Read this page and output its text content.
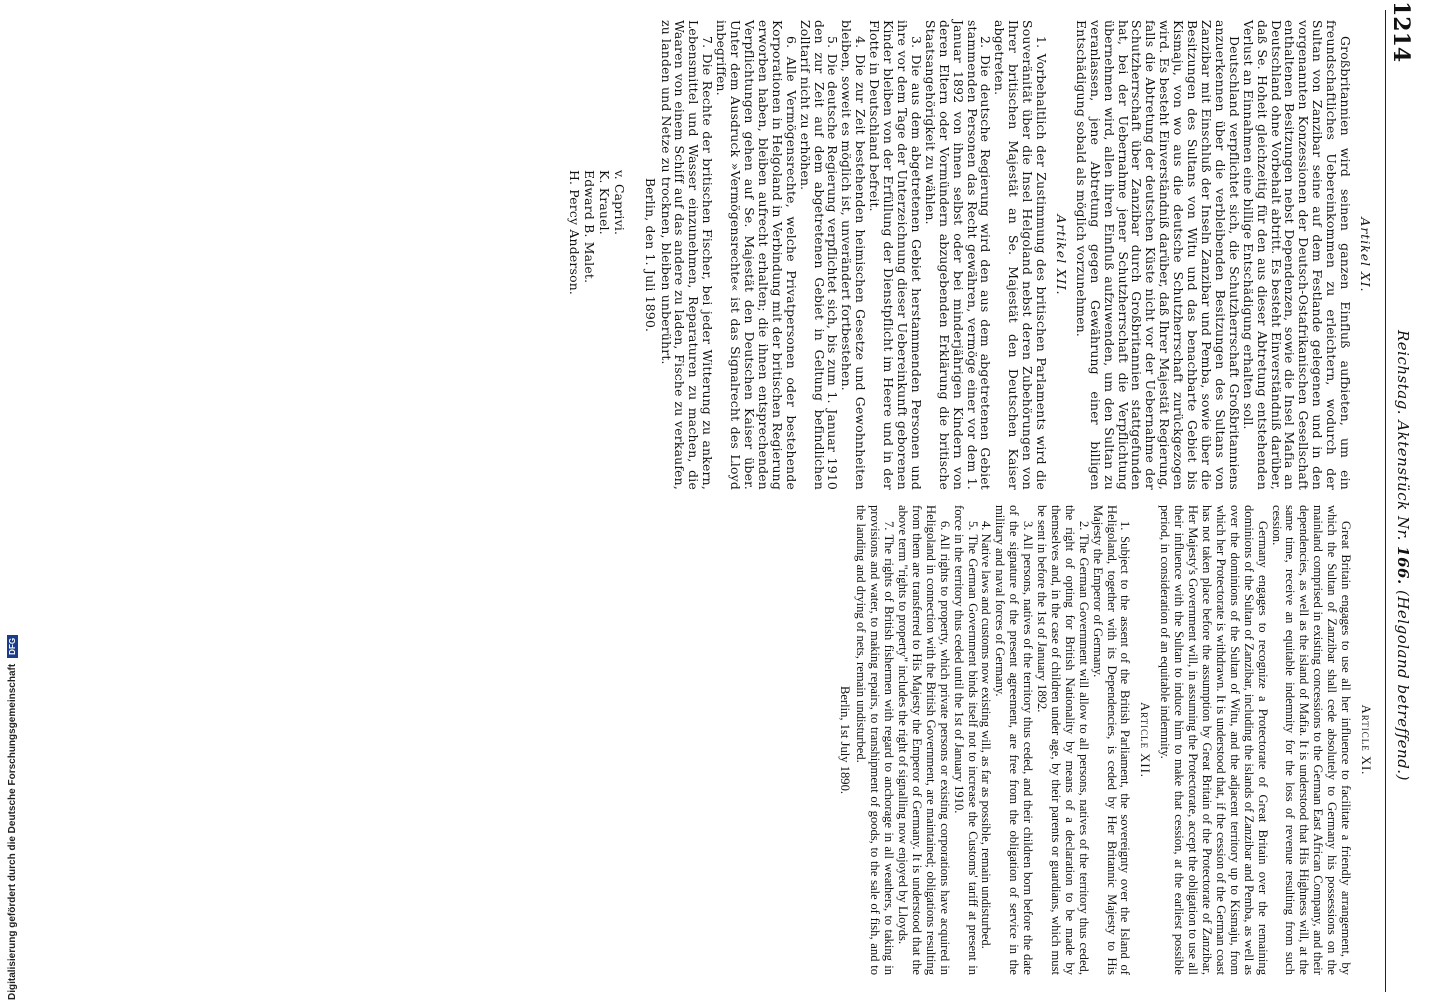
1214
Reichstag. Aktenstück Nr. 166. (Helgoland betreffend.)
Artikel XI.

Großbritannien wird seinen ganzen Einfluß aufbieten, um ein freundschaftliches Uebereinkommen zu erleichtern, wodurch der Sultan von Zanzibar seine auf dem Festlande gelegenen und in den vorgenannten Konzessionen der Deutsch-Ostafrikanischen Gesellschaft enthaltenen Besitzungen nebst Dependenzen, sowie die Insel Mafia an Deutschland ohne Vorbehalt abtritt. Es besteht Einverständniß darüber, daß Se. Hoheit gleichzeitig für den aus dieser Abtretung entstehenden Verlust an Einnahmen eine billige Entschädigung erhalten soll.

Deutschland verpflichtet sich, die Schutzherrschaft Großbritanniens anzuerkennen über die verbleibenden Besitzungen des Sultans von Zanzibar mit Einschluß der Inseln Zanzibar und Pemba, sowie über die Besitzungen des Sultans von Witu und das benachbarte Gebiet bis Kismaju, von wo aus die deutsche Schutzherrschaft zurückgezogen wird. Es besteht Einverständniß darüber, daß Ihrer Majestät Regierung, falls die Abtretung der deutschen Küste nicht vor der Uebernahme der Schutzherrschaft über Zanzibar durch Großbritannien stattgefunden hat, bei der Uebernahme jener Schutzherrschaft die Verpflichtung übernehmen wird, allen ihren Einfluß aufzuwenden, um den Sultan zu veranlassen, jene Abtretung gegen Gewährung einer billigen Entschädigung sobald als möglich vorzunehmen.

Artikel XII.

1. Vorbehaltlich der Zustimmung des britischen Parlaments wird die Souveränität über die Insel Helgoland nebst deren Zubehörungen von Ihrer britischen Majestät an Se. Majestät den Deutschen Kaiser abgetreten.

2. Die deutsche Regierung wird den aus dem abgetretenen Gebiet stammenden Personen das Recht gewähren, vermöge einer vor dem 1. Januar 1892 von ihnen selbst oder bei minderjährigen Kindern von deren Eltern oder Vormündern abzugebenden Erklärung die britische Staatsangehörigkeit zu wählen.

3. Die aus dem abgetretenen Gebiet herstammenden Personen und ihre vor dem Tage der Unterzeichnung dieser Uebereinkunft geborenen Kinder bleiben von der Erfüllung der Dienstpflicht im Heere und in der Flotte in Deutschland befreit.

4. Die zur Zeit bestehenden heimischen Gesetze und Gewohnheiten bleiben, soweit es möglich ist, unverändert fortbestehen.

5. Die deutsche Regierung verpflichtet sich, bis zum 1. Januar 1910 den zur Zeit auf dem abgetretenen Gebiet in Geltung befindlichen Zolltarif nicht zu erhöhen.

6. Alle Vermögensrechte, welche Privatpersonen oder bestehende Korporationen in Helgoland in Verbindung mit der britischen Regierung erworben haben, bleiben aufrecht erhalten; die ihnen entsprechenden Verpflichtungen gehen auf Se. Majestät den Deutschen Kaiser über. Unter dem Ausdruck »Vermögensrechte« ist das Signalrecht des Lloyd inbegriffen.

7. Die Rechte der britischen Fischer, bei jeder Witterung zu ankern, Lebensmittel und Wasser einzunehmen, Reparaturen zu machen, die Waaren von einem Schiff auf das andere zu laden, Fische zu verkaufen, zu landen und Netze zu trocknen, bleiben unberührt.

Berlin, den 1. Juli 1890.
v. Caprivi.
K. Krauel.
Edward B. Malet.
H. Percy Anderson.
Article XI.

Great Britain engages to use all her influence to facilitate a friendly arrangement, by which the Sultan of Zanzibar shall cede absolutely to Germany his possessions on the mainland comprised in existing concessions to the German East African Company, and their dependencies, as well as the island of Mafia. It is understood that His Highness will, at the same time, receive an equitable indemnity for the loss of revenue resulting from such cession.

Germany engages to recognize a Protectorate of Great Britain over the remaining dominions of the Sultan of Zanzibar, including the islands of Zanzibar and Pemba, as well as over the dominions of the Sultan of Witu, and the adjacent territory up to Kismaju, from which her Protectorate is withdrawn. It is understood that, if the cession of the German coast has not taken place before the assumption by Great Britain of the Protectorate of Zanzibar, Her Majesty's Government will, in assuming the Protectorate, accept the obligation to use all their influence with the Sultan to induce him to make that cession, at the earliest possible period, in consideration of an equitable indemnity.

Article XII.

1. Subject to the assent of the British Parliament, the sovereignty over the Island of Heligoland, together with its Dependencies, is ceded by Her Britannic Majesty to His Majesty the Emperor of Germany.

2. The German Government will allow to all persons, natives of the territory thus ceded, the right of opting for British Nationality by means of a declaration to be made by themselves and, in the case of children under age, by their parents or guardians, which must be sent in before the 1st of January 1892.

3. All persons, natives of the territory thus ceded, and their children born before the date of the signature of the present agreement, are free from the obligation of service in the military and naval forces of Germany.

4. Native laws and customs now existing will, as far as possible, remain undisturbed.

5. The German Government binds itself not to increase the Customs' tariff at present in force in the territory thus ceded until the 1st of January 1910.

6. All rights to property, which private persons or existing corporations have acquired in Heligoland in connection with the British Government, are maintained; obligations resulting from them are transferred to His Majesty the Emperor of Germany. It is understood that the above term "rights to property" includes the right of signalling now enjoyed by Lloyds.

7. The rights of British fishermen with regard to anchorage in all weathers, to taking in provisions and water, to making repairs, to transhipment of goods, to the sale of fish, and to the landing and drying of nets, remain undisturbed.

Berlin, 1st July 1890.
Digitalisierung gefördert durch die Deutsche Forschungsgemeinschaft
DFG
